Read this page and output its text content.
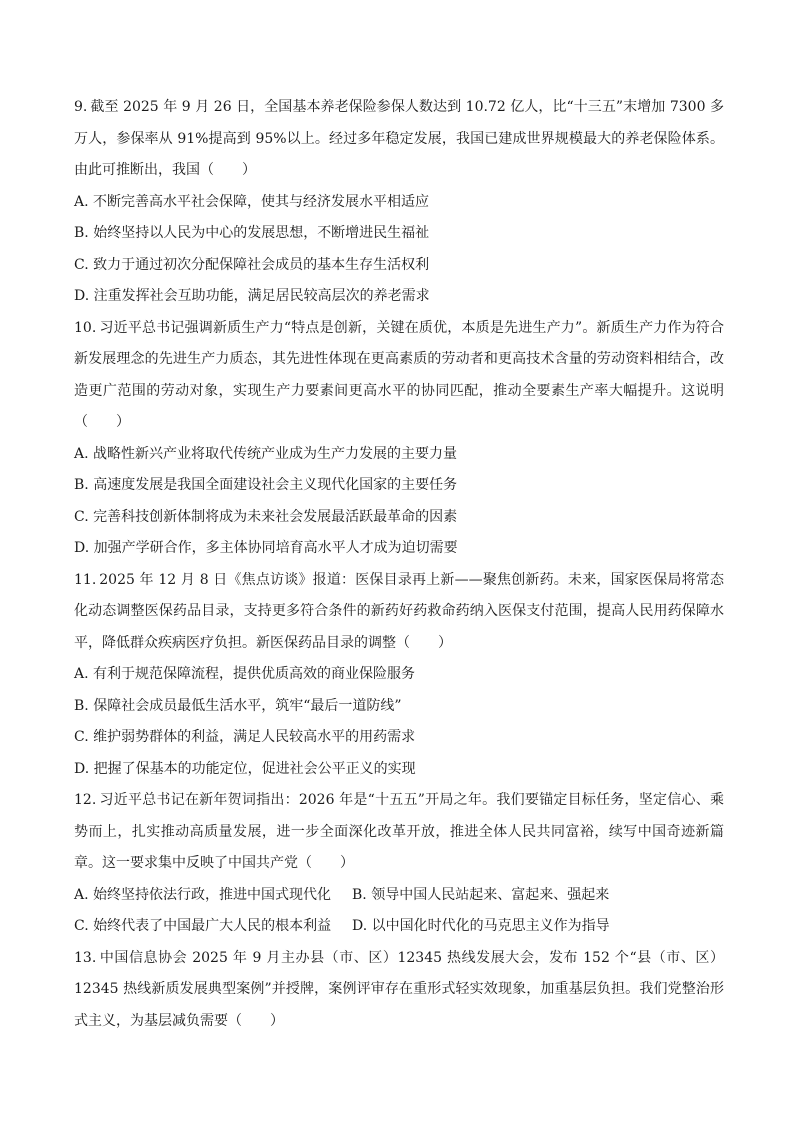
9. 截至 2025 年 9 月 26 日，全国基本养老保险参保人数达到 10.72 亿人，比“十三五”末增加 7300 多万人，参保率从 91%提高到 95%以上。经过多年稳定发展，我国已建成世界规模最大的养老保险体系。由此可推断出，我国（　　）

A. 不断完善高水平社会保障，使其与经济发展水平相适应

B. 始终坚持以人民为中心的发展思想，不断增进民生福祉

C. 致力于通过初次分配保障社会成员的基本生存生活权利

D. 注重发挥社会互助功能，满足居民较高层次的养老需求

10. 习近平总书记强调新质生产力“特点是创新，关键在质优，本质是先进生产力”。新质生产力作为符合新发展理念的先进生产力质态，其先进性体现在更高素质的劳动者和更高技术含量的劳动资料相结合，改造更广范围的劳动对象，实现生产力要素间更高水平的协同匹配，推动全要素生产率大幅提升。这说明（　　）

A. 战略性新兴产业将取代传统产业成为生产力发展的主要力量

B. 高速度发展是我国全面建设社会主义现代化国家的主要任务

C. 完善科技创新体制将成为未来社会发展最活跃最革命的因素

D. 加强产学研合作，多主体协同培育高水平人才成为迫切需要

11. 2025 年 12 月 8 日《焦点访谈》报道：医保目录再上新——聚焦创新药。未来，国家医保局将常态化动态调整医保药品目录，支持更多符合条件的新药好药救命药纳入医保支付范围，提高人民用药保障水平，降低群众疾病医疗负担。新医保药品目录的调整（　　）

A. 有利于规范保障流程，提供优质高效的商业保险服务

B. 保障社会成员最低生活水平，筑牢“最后一道防线”

C. 维护弱势群体的利益，满足人民较高水平的用药需求

D. 把握了保基本的功能定位，促进社会公平正义的实现

12. 习近平总书记在新年贺词指出：2026 年是“十五五”开局之年。我们要锚定目标任务，坚定信心、乘势而上，扎实推动高质量发展，进一步全面深化改革开放，推进全体人民共同富裕，续写中国奇迹新篇章。这一要求集中反映了中国共产党（　　）

A. 始终坚持依法行政，推进中国式现代化	B. 领导中国人民站起来、富起来、强起来

C. 始终代表了中国最广大人民的根本利益	D. 以中国化时代化的马克思主义作为指导

13. 中国信息协会 2025 年 9 月主办县（市、区）12345 热线发展大会，发布 152 个“县（市、区）12345 热线新质发展典型案例”并授牌，案例评审存在重形式轻实效现象，加重基层负担。我们党整治形式主义，为基层减负需要（　　）
